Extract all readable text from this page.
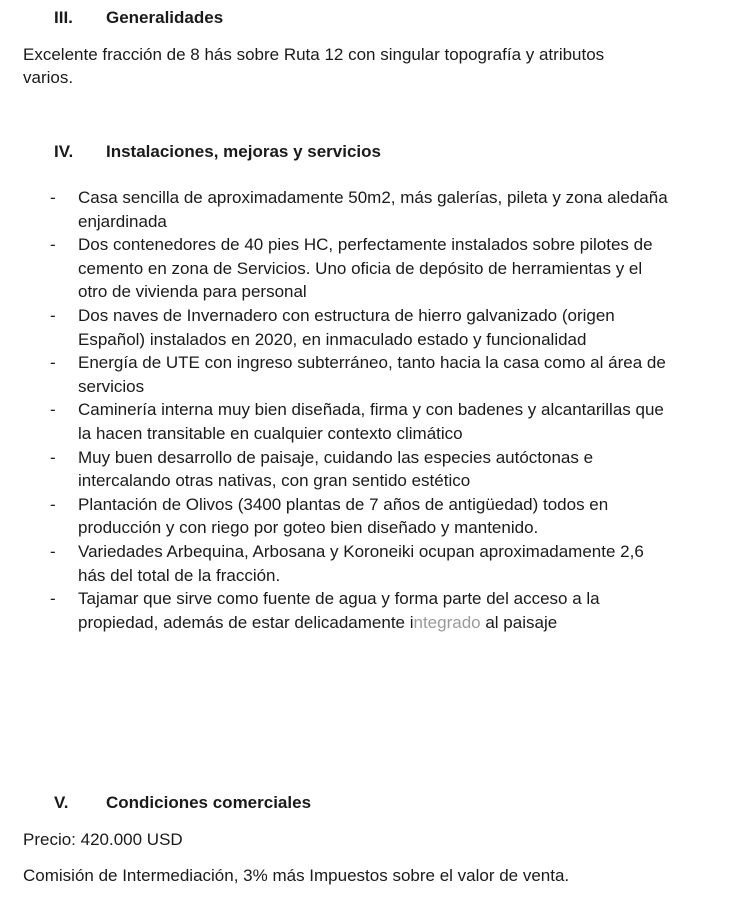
III. Generalidades
Excelente fracción de 8 hás sobre Ruta 12 con singular topografía y atributos varios.
IV. Instalaciones, mejoras y servicios
- Casa sencilla de aproximadamente 50m2, más galerías, pileta y zona aledaña enjardinada
- Dos contenedores de 40 pies HC, perfectamente instalados sobre pilotes de cemento en zona de Servicios. Uno oficia de depósito de herramientas y el otro de vivienda para personal
- Dos naves de Invernadero con estructura de hierro galvanizado (origen Español) instalados en 2020, en inmaculado estado y funcionalidad
- Energía de UTE con ingreso subterráneo, tanto hacia la casa como al área de servicios
- Caminería interna muy bien diseñada, firma y con badenes y alcantarillas que la hacen transitable en cualquier contexto climático
- Muy buen desarrollo de paisaje, cuidando las especies autóctonas e intercalando otras nativas, con gran sentido estético
- Plantación de Olivos (3400 plantas de 7 años de antigüedad) todos en producción y con riego por goteo bien diseñado y mantenido.
- Variedades Arbequina, Arbosana y Koroneiki ocupan aproximadamente 2,6 hás del total de la fracción.
- Tajamar que sirve como fuente de agua y forma parte del acceso a la propiedad, además de estar delicadamente integrado al paisaje
V. Condiciones comerciales
Precio: 420.000 USD
Comisión de Intermediación, 3% más Impuestos sobre el valor de venta.
